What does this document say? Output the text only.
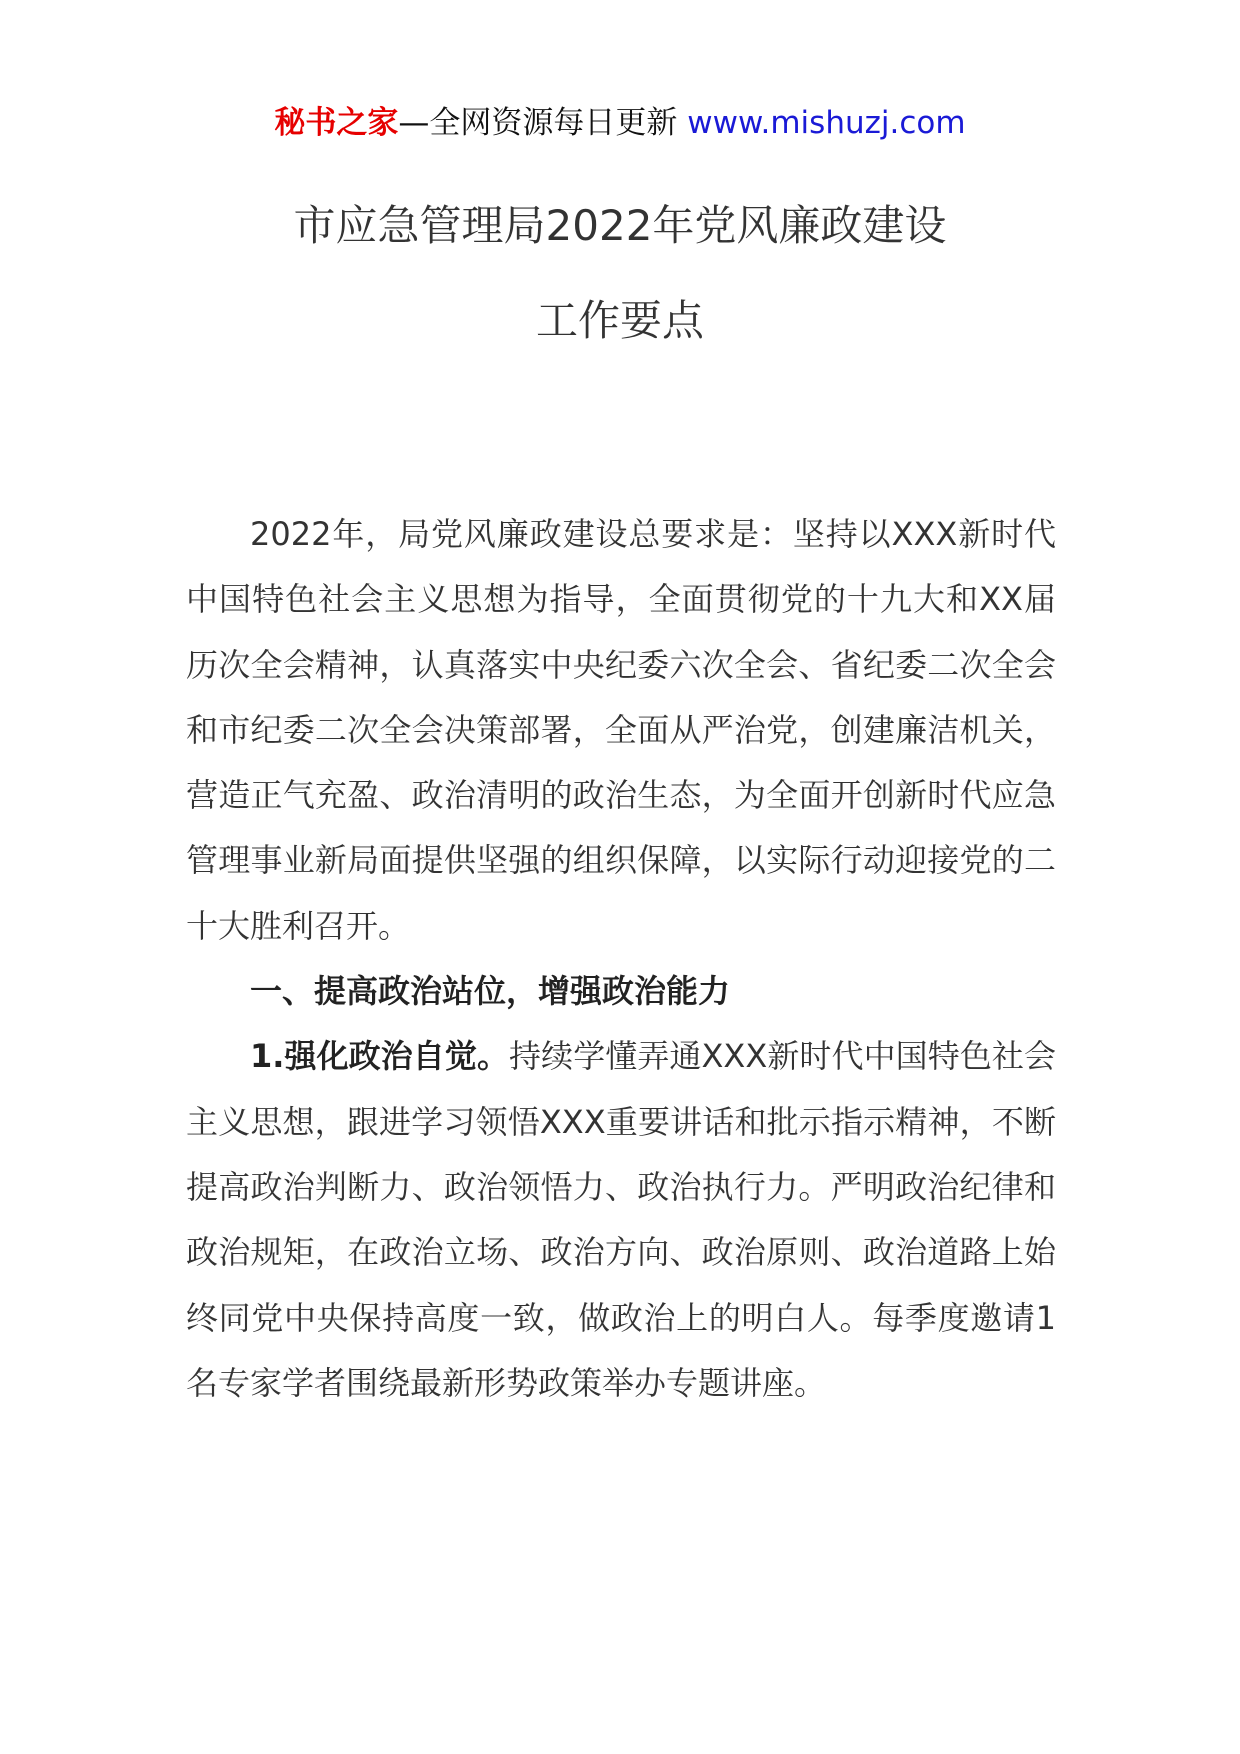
秘书之家—全网资源每日更新 www.mishuzj.com
市应急管理局2022年党风廉政建设
工作要点

2022年，局党风廉政建设总要求是：坚持以XXX新时代中国特色社会主义思想为指导，全面贯彻党的十九大和XX届历次全会精神，认真落实中央纪委六次全会、省纪委二次全会和市纪委二次全会决策部署，全面从严治党，创建廉洁机关，营造正气充盈、政治清明的政治生态，为全面开创新时代应急管理事业新局面提供坚强的组织保障，以实际行动迎接党的二十大胜利召开。

一、提高政治站位，增强政治能力

1.强化政治自觉。持续学懂弄通XXX新时代中国特色社会主义思想，跟进学习领悟XXX重要讲话和批示指示精神，不断提高政治判断力、政治领悟力、政治执行力。严明政治纪律和政治规矩，在政治立场、政治方向、政治原则、政治道路上始终同党中央保持高度一致，做政治上的明白人。每季度邀请1名专家学者围绕最新形势政策举办专题讲座。
